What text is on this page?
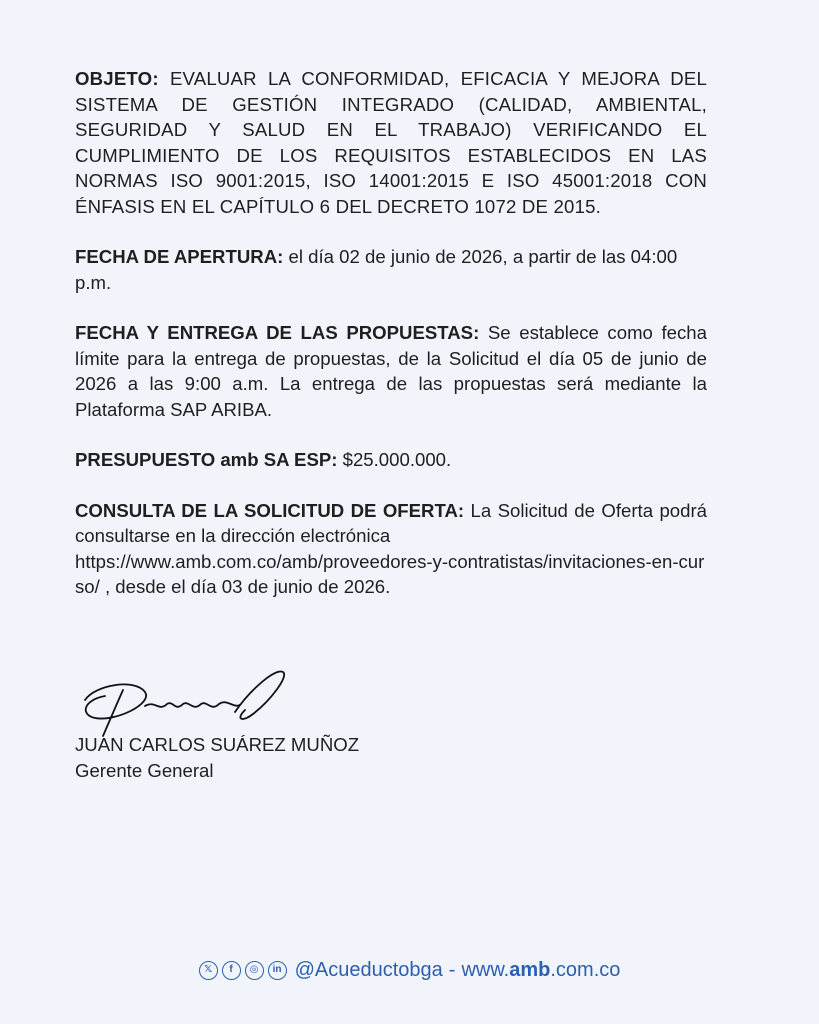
OBJETO: EVALUAR LA CONFORMIDAD, EFICACIA Y MEJORA DEL SISTEMA DE GESTIÓN INTEGRADO (CALIDAD, AMBIENTAL, SEGURIDAD Y SALUD EN EL TRABAJO) VERIFICANDO EL CUMPLIMIENTO DE LOS REQUISITOS ESTABLECIDOS EN LAS NORMAS ISO 9001:2015, ISO 14001:2015 E ISO 45001:2018 CON ÉNFASIS EN EL CAPÍTULO 6 DEL DECRETO 1072 DE 2015.

FECHA DE APERTURA: el día 02 de junio de 2026, a partir de las 04:00 p.m.

FECHA Y ENTREGA DE LAS PROPUESTAS: Se establece como fecha límite para la entrega de propuestas, de la Solicitud el día 05 de junio de 2026 a las 9:00 a.m. La entrega de las propuestas será mediante la Plataforma SAP ARIBA.

PRESUPUESTO amb SA ESP: $25.000.000.

CONSULTA DE LA SOLICITUD DE OFERTA: La Solicitud de Oferta podrá consultarse en la dirección electrónica

https://www.amb.com.co/amb/proveedores-y-contratistas/invitaciones-en-curso/ , desde el día 03 de junio de 2026.

JUAN CARLOS SUÁREZ MUÑOZ
Gerente General
𝕏	f	◎	in @Acueductobga - www.amb.com.co
